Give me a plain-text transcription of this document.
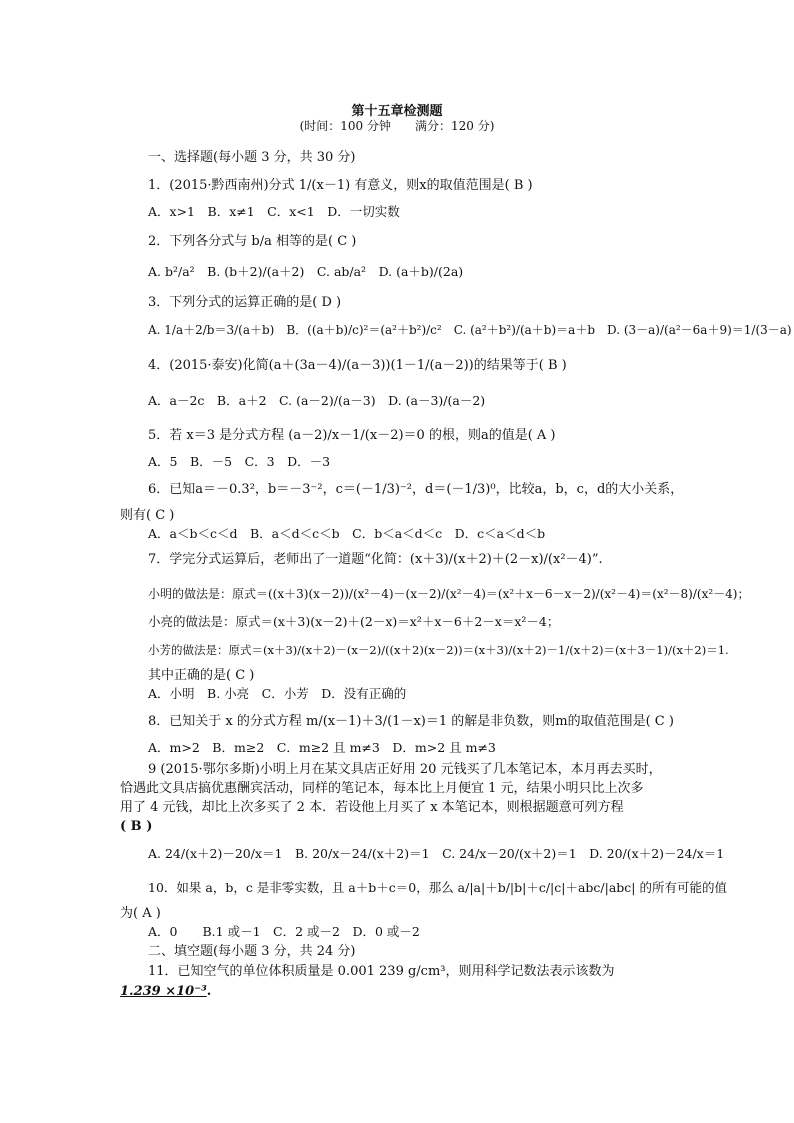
第十五章检测题
(时间：100 分钟　　满分：120 分)
一、选择题(每小题 3 分，共 30 分)
1．(2015·黔西南州)分式 1/(x－1) 有意义，则x的取值范围是( B )
A．x>1　B．x≠1　C．x<1　D．一切实数
2．下列各分式与 b/a 相等的是( C )
A. b²/a²　B. (b＋2)/(a＋2)　C. ab/a²　D. (a＋b)/(2a)
3．下列分式的运算正确的是( D )
A. 1/a＋2/b＝3/(a＋b)　B．((a＋b)/c)²＝(a²＋b²)/c²　C. (a²＋b²)/(a＋b)＝a＋b　D. (3－a)/(a²－6a＋9)＝1/(3－a)
4．(2015·泰安)化简(a＋(3a－4)/(a－3))(1－1/(a－2))的结果等于( B )
A．a－2c　B．a＋2　C. (a－2)/(a－3)　D. (a－3)/(a－2)
5．若 x＝3 是分式方程 (a－2)/x－1/(x－2)＝0 的根，则a的值是( A )
A．5　B．－5　C．3　D．－3
6．已知a＝－0.3²，b＝－3⁻²，c＝(－1/3)⁻²，d＝(－1/3)⁰，比较a，b，c，d的大小关系，
则有( C )
A．a＜b＜c＜d　B．a＜d＜c＜b　C．b＜a＜d＜c　D．c＜a＜d＜b
7．学完分式运算后，老师出了一道题“化简：(x＋3)/(x＋2)＋(2－x)/(x²－4)”.
小明的做法是：原式＝((x＋3)(x－2))/(x²－4)－(x－2)/(x²－4)＝(x²＋x－6－x－2)/(x²－4)＝(x²－8)/(x²－4)；
小亮的做法是：原式＝(x＋3)(x－2)＋(2－x)＝x²＋x－6＋2－x＝x²－4；
小芳的做法是：原式＝(x＋3)/(x＋2)－(x－2)/((x＋2)(x－2))＝(x＋3)/(x＋2)－1/(x＋2)＝(x＋3－1)/(x＋2)＝1.
其中正确的是( C )
A．小明　B. 小亮　C．小芳　D．没有正确的
8．已知关于 x 的分式方程 m/(x－1)＋3/(1－x)＝1 的解是非负数，则m的取值范围是( C )
A．m>2　B．m≥2　C．m≥2 且 m≠3　D．m>2 且 m≠3
9 (2015·鄂尔多斯)小明上月在某文具店正好用 20 元钱买了几本笔记本，本月再去买时，
恰遇此文具店搞优惠酬宾活动，同样的笔记本，每本比上月便宜 1 元，结果小明只比上次多
用了 4 元钱，却比上次多买了 2 本．若设他上月买了 x 本笔记本，则根据题意可列方程
( B )
A. 24/(x＋2)－20/x＝1　B. 20/x－24/(x＋2)＝1　C. 24/x－20/(x＋2)＝1　D. 20/(x＋2)－24/x＝1
10．如果 a，b，c 是非零实数，且 a＋b＋c＝0，那么 a/|a|＋b/|b|＋c/|c|＋abc/|abc| 的所有可能的值
为( A )
A．0　　B.1 或－1　C．2 或－2　D．0 或－2
二、填空题(每小题 3 分，共 24 分)
11．已知空气的单位体积质量是 0.001 239 g/cm³，则用科学记数法表示该数为
1.239 ×10⁻³.
